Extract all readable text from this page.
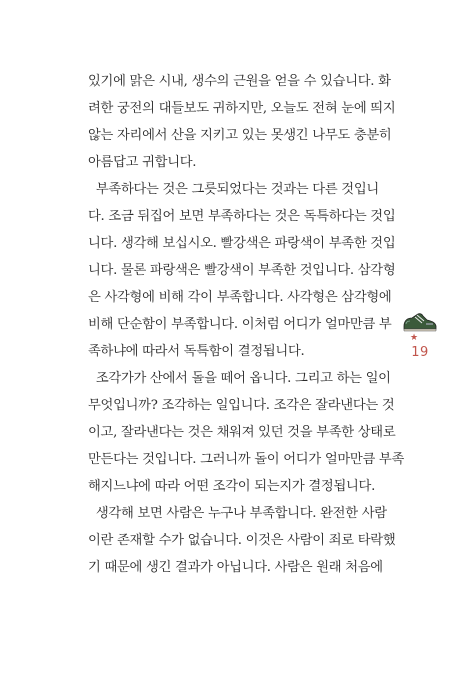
있기에 맑은 시내, 생수의 근원을 얻을 수 있습니다. 화
려한 궁전의 대들보도 귀하지만, 오늘도 전혀 눈에 띄지
않는 자리에서 산을 지키고 있는 못생긴 나무도 충분히
아름답고 귀합니다.
부족하다는 것은 그릇되었다는 것과는 다른 것입니
다. 조금 뒤집어 보면 부족하다는 것은 독특하다는 것입
니다. 생각해 보십시오. 빨강색은 파랑색이 부족한 것입
니다. 물론 파랑색은 빨강색이 부족한 것입니다. 삼각형
은 사각형에 비해 각이 부족합니다. 사각형은 삼각형에
비해 단순함이 부족합니다. 이처럼 어디가 얼마만큼 부
족하냐에 따라서 독특함이 결정됩니다.
조각가가 산에서 돌을 떼어 옵니다. 그리고 하는 일이
무엇입니까? 조각하는 일입니다. 조각은 잘라낸다는 것
이고, 잘라낸다는 것은 채워져 있던 것을 부족한 상태로
만든다는 것입니다. 그러니까 돌이 어디가 얼마만큼 부족
해지느냐에 따라 어떤 조각이 되는지가 결정됩니다.
생각해 보면 사람은 누구나 부족합니다. 완전한 사람
이란 존재할 수가 없습니다. 이것은 사람이 죄로 타락했
기 때문에 생긴 결과가 아닙니다. 사람은 원래 처음에
★
19
